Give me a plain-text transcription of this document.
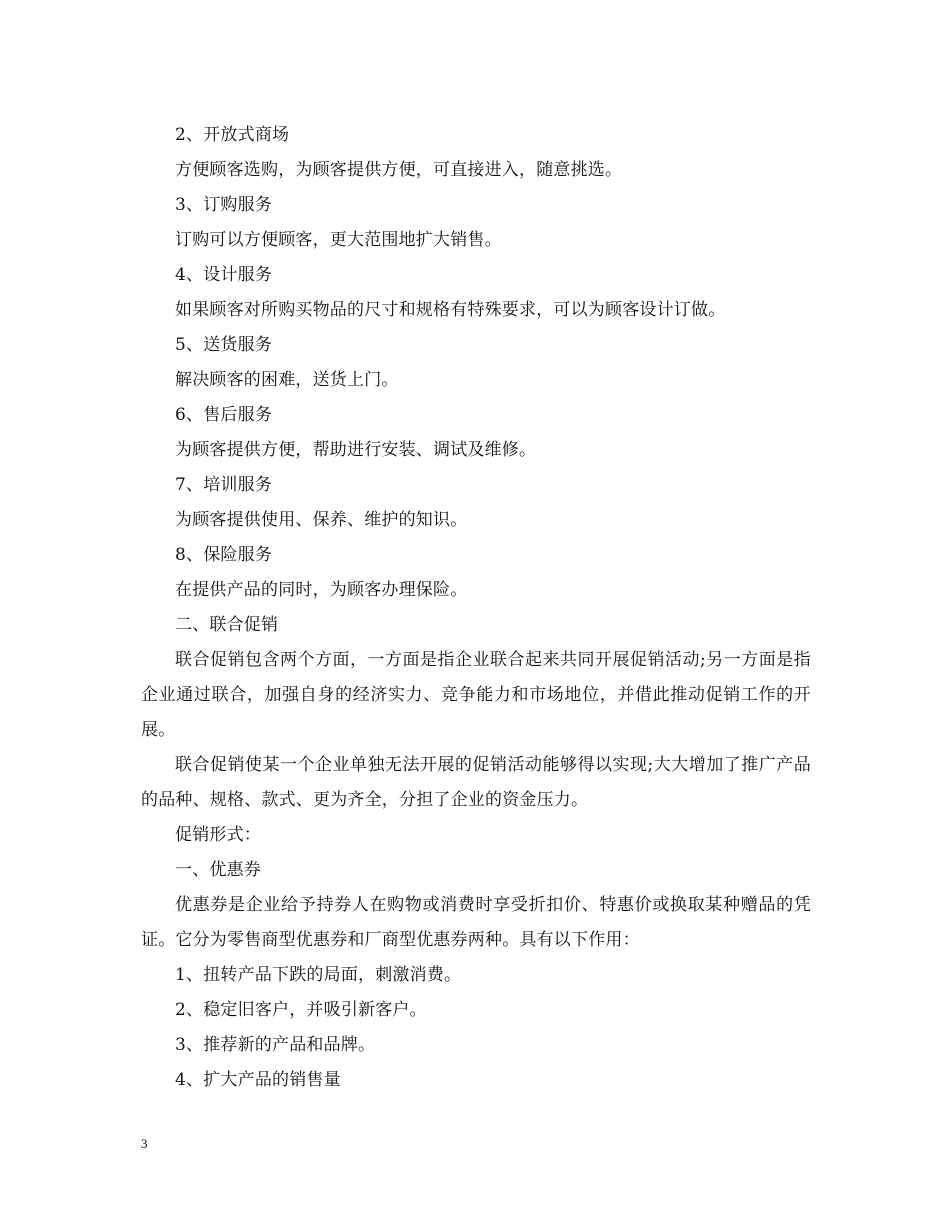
2、开放式商场

方便顾客选购，为顾客提供方便，可直接进入，随意挑选。

3、订购服务

订购可以方便顾客，更大范围地扩大销售。

4、设计服务

如果顾客对所购买物品的尺寸和规格有特殊要求，可以为顾客设计订做。

5、送货服务

解决顾客的困难，送货上门。

6、售后服务

为顾客提供方便，帮助进行安装、调试及维修。

7、培训服务

为顾客提供使用、保养、维护的知识。

8、保险服务

在提供产品的同时，为顾客办理保险。

二、联合促销

联合促销包含两个方面，一方面是指企业联合起来共同开展促销活动;另一方面是指企业通过联合，加强自身的经济实力、竞争能力和市场地位，并借此推动促销工作的开展。

联合促销使某一个企业单独无法开展的促销活动能够得以实现;大大增加了推广产品的品种、规格、款式、更为齐全，分担了企业的资金压力。

促销形式：

一、优惠券

优惠券是企业给予持券人在购物或消费时享受折扣价、特惠价或换取某种赠品的凭证。它分为零售商型优惠券和厂商型优惠券两种。具有以下作用：

1、扭转产品下跌的局面，刺激消费。

2、稳定旧客户，并吸引新客户。

3、推荐新的产品和品牌。

4、扩大产品的销售量

3
